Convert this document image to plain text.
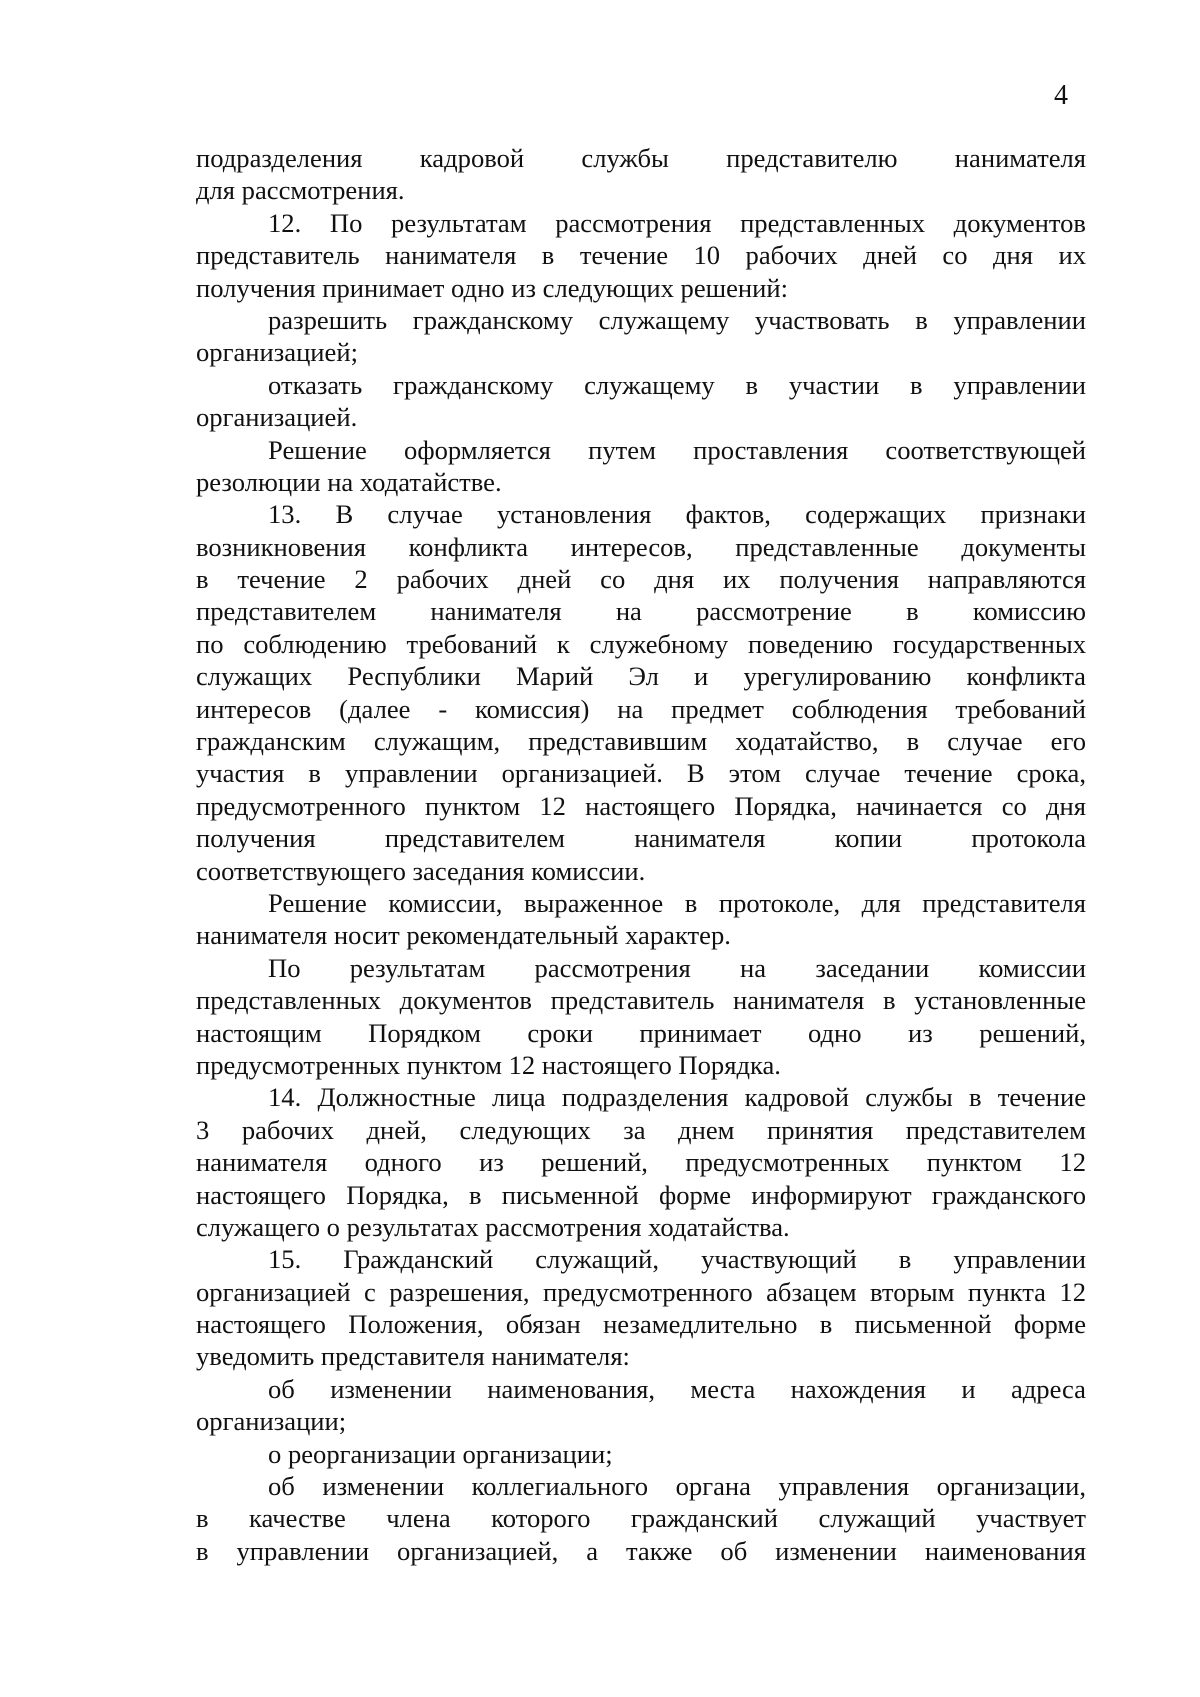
4
подразделения кадровой службы представителю нанимателя
для рассмотрения.
12. По результатам рассмотрения представленных документов
представитель нанимателя в течение 10 рабочих дней со дня их
получения принимает одно из следующих решений:
разрешить гражданскому служащему участвовать в управлении
организацией;
отказать гражданскому служащему в участии в управлении
организацией.
Решение оформляется путем проставления соответствующей
резолюции на ходатайстве.
13. В случае установления фактов, содержащих признаки
возникновения конфликта интересов, представленные документы
в течение 2 рабочих дней со дня их получения направляются
представителем нанимателя на рассмотрение в комиссию
по соблюдению требований к служебному поведению государственных
служащих Республики Марий Эл и урегулированию конфликта
интересов (далее - комиссия) на предмет соблюдения требований
гражданским служащим, представившим ходатайство, в случае его
участия в управлении организацией. В этом случае течение срока,
предусмотренного пунктом 12 настоящего Порядка, начинается со дня
получения представителем нанимателя копии протокола
соответствующего заседания комиссии.
Решение комиссии, выраженное в протоколе, для представителя
нанимателя носит рекомендательный характер.
По результатам рассмотрения на заседании комиссии
представленных документов представитель нанимателя в установленные
настоящим Порядком сроки принимает одно из решений,
предусмотренных пунктом 12 настоящего Порядка.
14. Должностные лица подразделения кадровой службы в течение
3 рабочих дней, следующих за днем принятия представителем
нанимателя одного из решений, предусмотренных пунктом 12
настоящего Порядка, в письменной форме информируют гражданского
служащего о результатах рассмотрения ходатайства.
15. Гражданский служащий, участвующий в управлении
организацией с разрешения, предусмотренного абзацем вторым пункта 12
настоящего Положения, обязан незамедлительно в письменной форме
уведомить представителя нанимателя:
об изменении наименования, места нахождения и адреса
организации;
о реорганизации организации;
об изменении коллегиального органа управления организации,
в качестве члена которого гражданский служащий участвует
в управлении организацией, а также об изменении наименования
